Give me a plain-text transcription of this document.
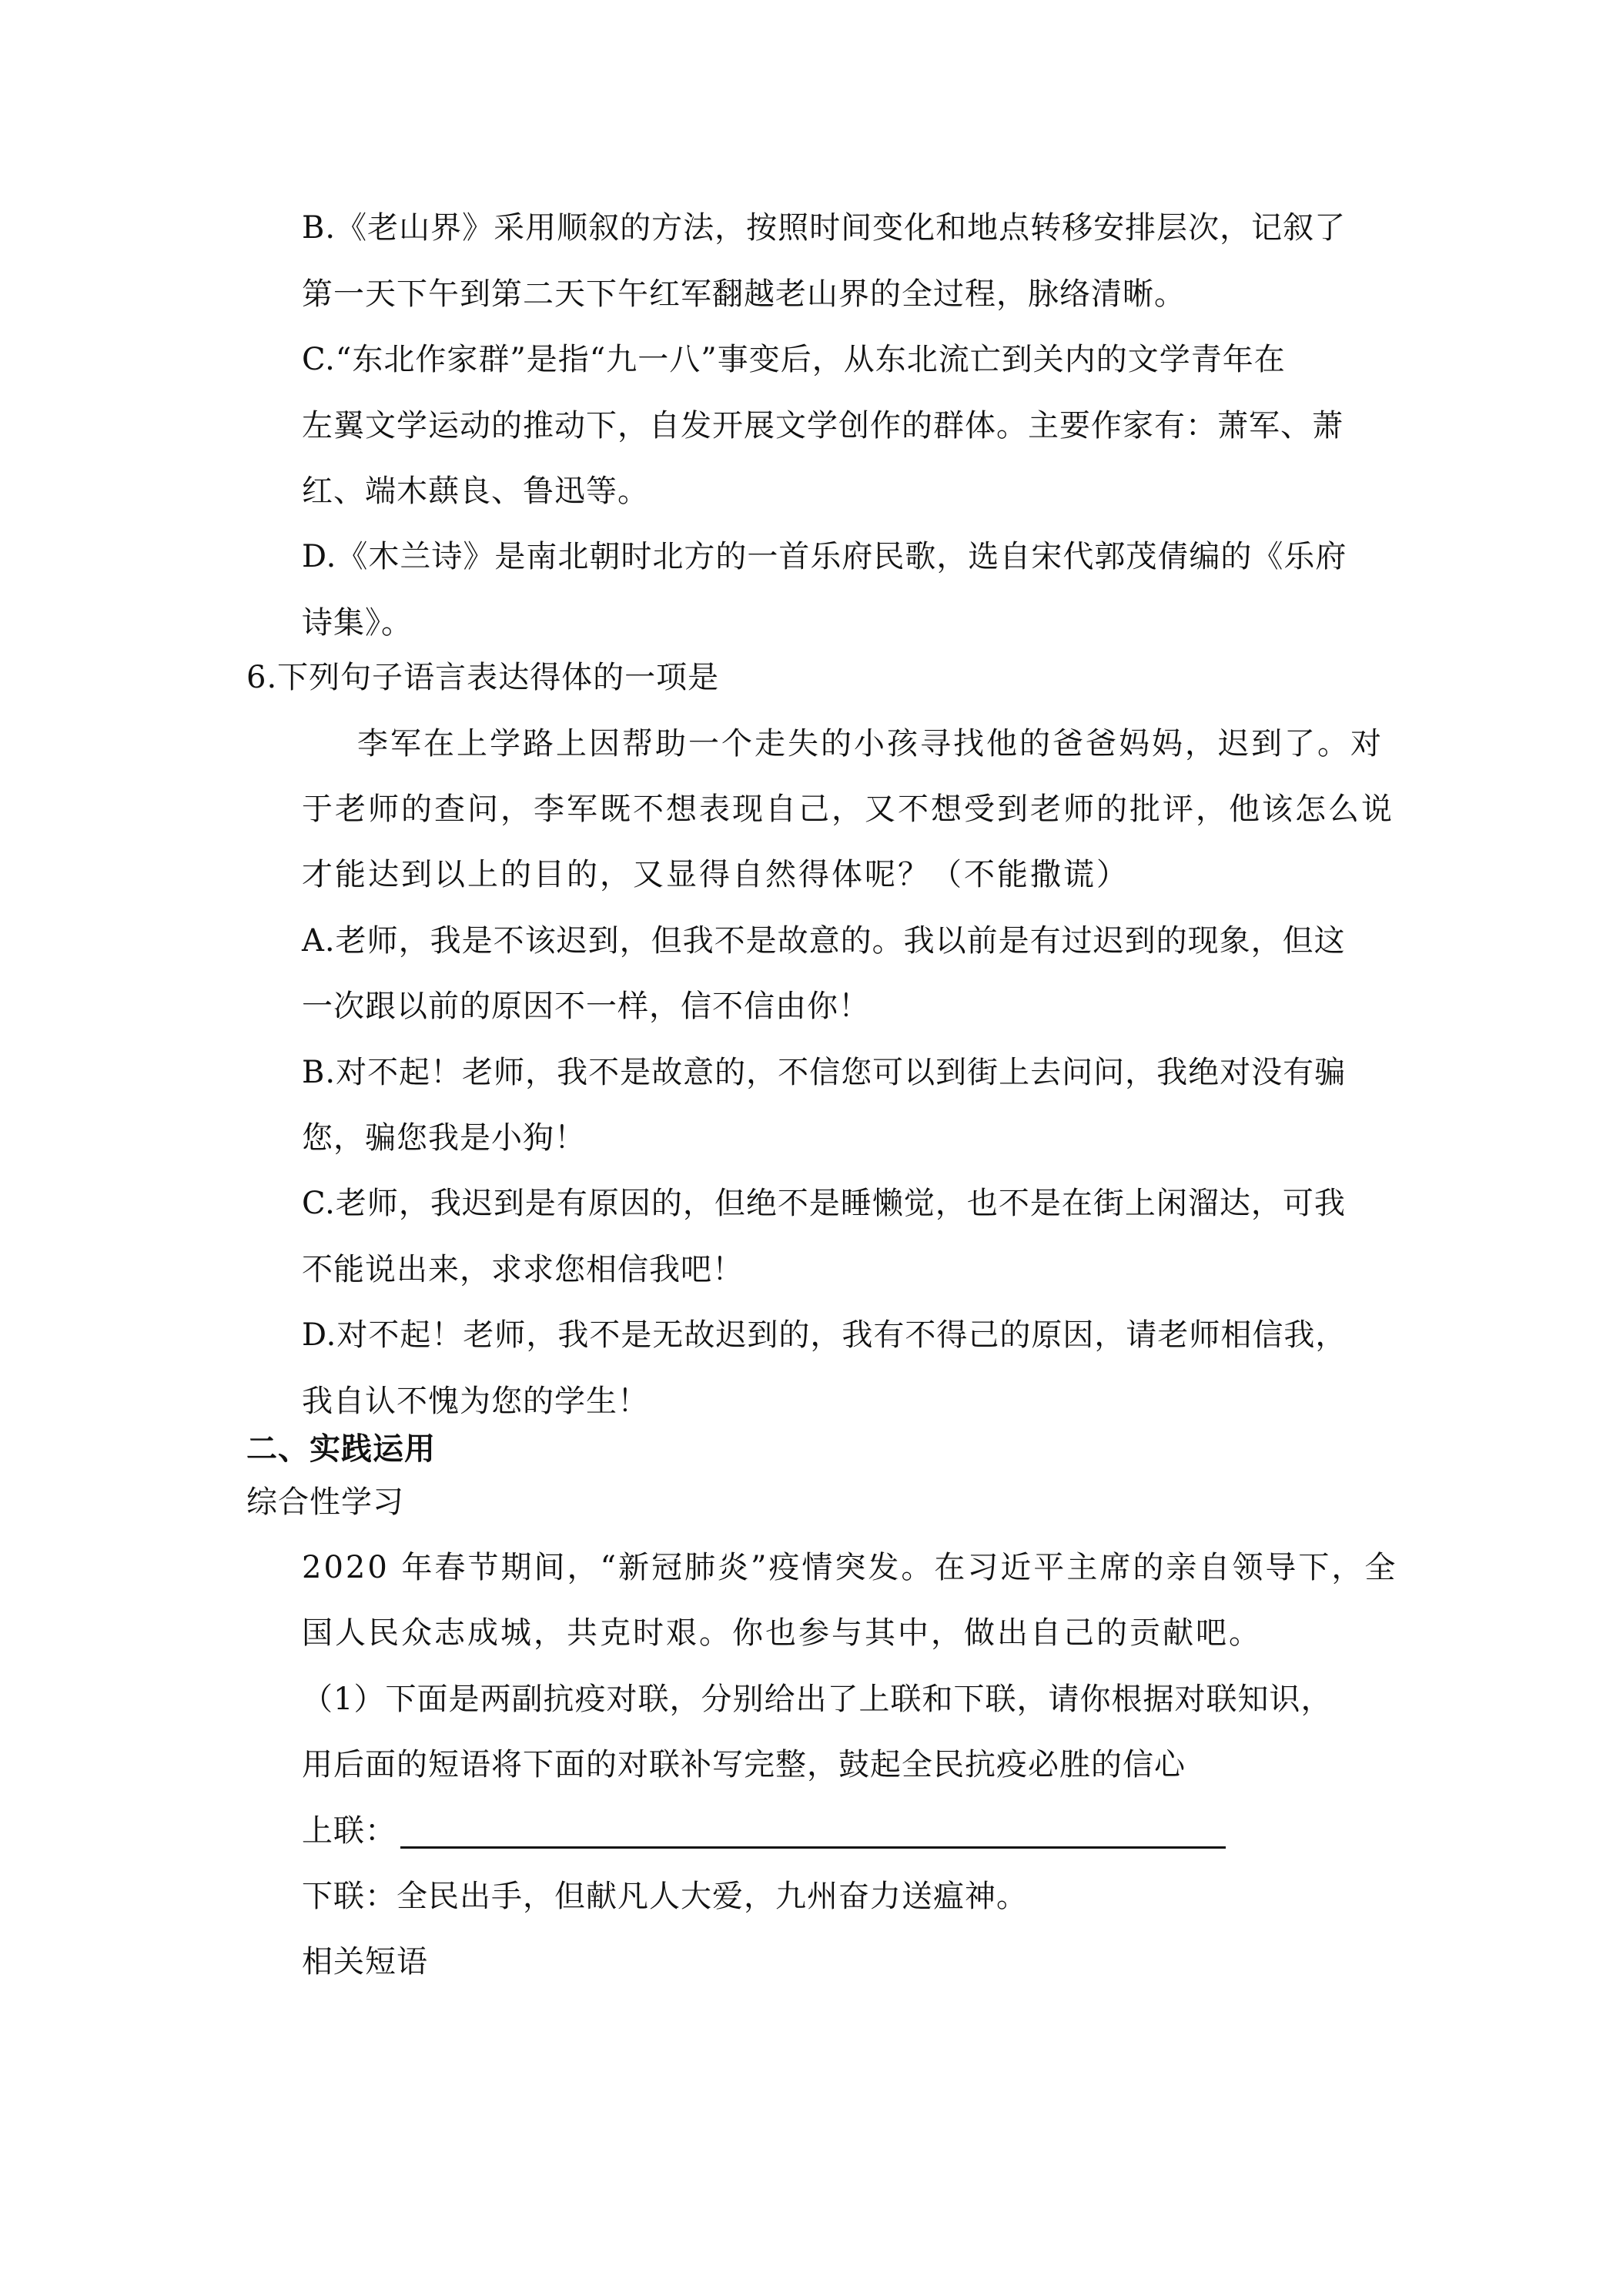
B.《老山界》采用顺叙的方法，按照时间变化和地点转移安排层次，记叙了
第一天下午到第二天下午红军翻越老山界的全过程，脉络清晰。
C.“东北作家群”是指“九一八”事变后，从东北流亡到关内的文学青年在
左翼文学运动的推动下，自发开展文学创作的群体。主要作家有：萧军、萧
红、端木蕻良、鲁迅等。
D.《木兰诗》是南北朝时北方的一首乐府民歌，选自宋代郭茂倩编的《乐府
诗集》。
6.下列句子语言表达得体的一项是
李军在上学路上因帮助一个走失的小孩寻找他的爸爸妈妈，迟到了。对
于老师的查问，李军既不想表现自己，又不想受到老师的批评，他该怎么说
才能达到以上的目的，又显得自然得体呢？（不能撒谎）
A.老师，我是不该迟到，但我不是故意的。我以前是有过迟到的现象，但这
一次跟以前的原因不一样，信不信由你！
B.对不起！老师，我不是故意的，不信您可以到街上去问问，我绝对没有骗
您，骗您我是小狗！
C.老师，我迟到是有原因的，但绝不是睡懒觉，也不是在街上闲溜达，可我
不能说出来，求求您相信我吧！
D.对不起！老师，我不是无故迟到的，我有不得己的原因，请老师相信我，
我自认不愧为您的学生！
二、实践运用
综合性学习
2020 年春节期间，“新冠肺炎”疫情突发。在习近平主席的亲自领导下，全
国人民众志成城，共克时艰。你也参与其中，做出自己的贡献吧。
（1）下面是两副抗疫对联，分别给出了上联和下联，请你根据对联知识，
用后面的短语将下面的对联补写完整，鼓起全民抗疫必胜的信心
上联：
下联：全民出手，但献凡人大爱，九州奋力送瘟神。
相关短语
